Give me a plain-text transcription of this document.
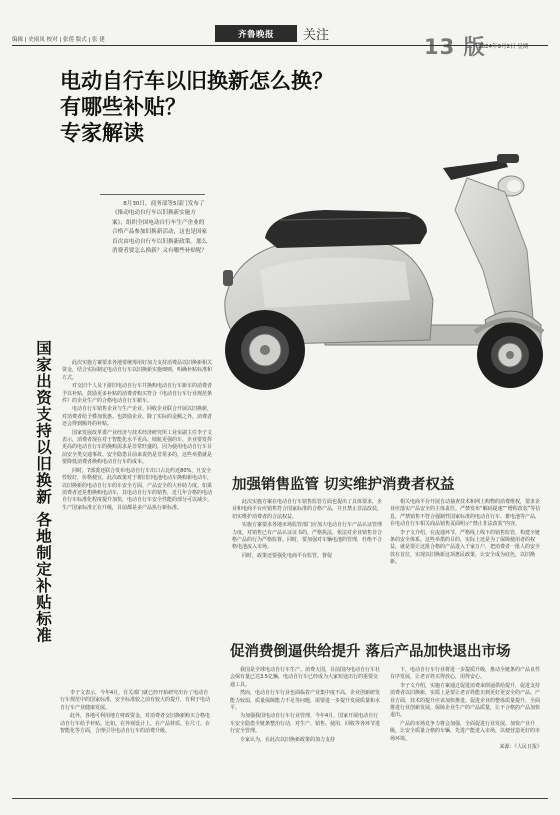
编辑 | 史雨凤 校对 | 张莲 版式 | 张 建
齐鲁晚报	关注	13 版
2024年9月2日 星期一
电动自行车以旧换新怎么换？
有哪些补贴？
专家解读
8月30日，商务部等5部门发布了《推动电动自行车以旧换新实施方案》，组织全国电动自行车生产企业的合格产品参加旧换新活动，这也是国家首次由电动自行车以旧换新政策。那么消费者要怎么换新？又有哪些补贴呢？
国家出资支持以旧换新 各地制定补贴标准	此次实施方案要求各地要统筹用好加力支持消费品以旧换新相关资金，结合实际制定电动自行车以旧换新实施细则，明确补贴标准和方式。

对交旧个人及下游旧电动自行车并换购电动自行车新车的消费者予以补贴，鼓励更多补贴的消费者购买符合《电动自行车行业规范条件》的企业生产的合格电动自行车新车。

电动自行车销售企业与生产企业、回收企业联合开展以旧换新，对消费者给予叠加优惠。也鼓励企业、除了实际的金额之外，消费者还会得到额外的补贴。

国家发展改革委产业经济与技术经济研究所工业室副主任李子文表示，消费者现在对于智能化水平更高、续航更强的车，企业要发挥更高的电动自行车的换购需求是非常旺盛的，因为使用电动自行车目前安全类交通事故、安全隐患目前来说仍是非常多的，这些举措就是要降低消费者换购电动自行车的成本。

同时，7部委还联合发布电动自行车出口占比约近80%，且安全性较好，价格便宜，此次政策对于将旧旧电池电动车换购新电动车，以旧换新的电动自行车的车安全方面，产品安全的大补助力度。如果消费者还是想换购电动车，其电动自行车的销售，近几年合格的电动自行车标准化程度提升加快，电动自行车安全性能的部分可以减少。生产国家标准正在升级，目前都是多产品执行新标准。

李子文表示，今年4月，有关部门就已经开始研究出台了电动自行车规范中的国家标准，安全标准较之前有较大的提升，有利于电动自行车产业健康发展。

此外，各地可利用地方财政资金，对消费者交旧换新购买合格电动自行车给予补贴。比如，在外观设计上、在产品材质、在尺寸、在智能化等方面，合理引导电动自行车的消费升级。

加强销售监管 切实维护消费者权益

此次实施方案在电动自行车销售监管方面也提出了具体要求，企业和电商平台应销售符合国家标准的合格产品，并且禁止非法改装，切实维护消费者的合法权益。

实施方案要求各地市场监管部门应加大电动自行车产品认证管理力度，对销售已有产品认证证书的，严格执法，依法对企业销售非合格产品的行为严格监督。同时，要加强对车辆电池的管理，杜绝不合格电池流入市场。

同时，政策还要强化电商平台监管，督促

相关电商平台开展自动抽查技术和网上购物的消费维权，要求企业应落实产品安全的主体责任。严禁发布“解码提速”“增程改装”等信息，严禁销售不符合强制性国家标准的电动自行车、蓄电池等产品，在电动自行车相关商品销售页面明示“禁止非法改装”内容。

李子文介绍，在流通环节，严格线上线下的销售监管，构建全链条的安全体系，这些举措的目的，实际上还是为了保障使用者的权益，就是要让这批合格的产品进入千家万户，把消费者一批人的安全放在首位，实现以旧换新这项惠民政策，让安全成为底色，以旧换新。

促消费倒逼供给提升 落后产品加快退出市场

我国是全球电动自行车生产、消费大国，目前国内电动自行车社会保有量已达3.5亿辆，电动自行车已经成为大家短途出行的重要交通工具。

然而，电动自行车行业也面临着产业集中度不高，企业创新研发能力较弱，质量保障能力不足等问题，需要进一步提升发展质量和水平。

为加强我国电动自行车行业管理，今年4月，国家开展电动自行车安全隐患全链条整治行动，对生产、销售、使用、回收等各环节进行安全管理。

专家认为，在此次以旧换新政策的加力支持

下，电动自行车行业将进一步提质升级，推动全链条的产品良性有序发展，让老百姓买得放心，用得安心。

李子文介绍，实施方案通过促进消费来倒逼供给提升，促进支持消费者以旧换新，实质上是要让老百姓能买到更好更安全的产品。产业方面，技术的提升应该加快推进、促进企业的整体质量提升，全面推进行业创新发展，保障企业生产的产品质量，让不合格的产品加快退出。

产品的市场竞争力将会加强，全面促进行业发展、加快产业升级，让安全质量合格的车辆、先进产能进入市场，以便营造更好的市场环境。

来源：《人民日报》
